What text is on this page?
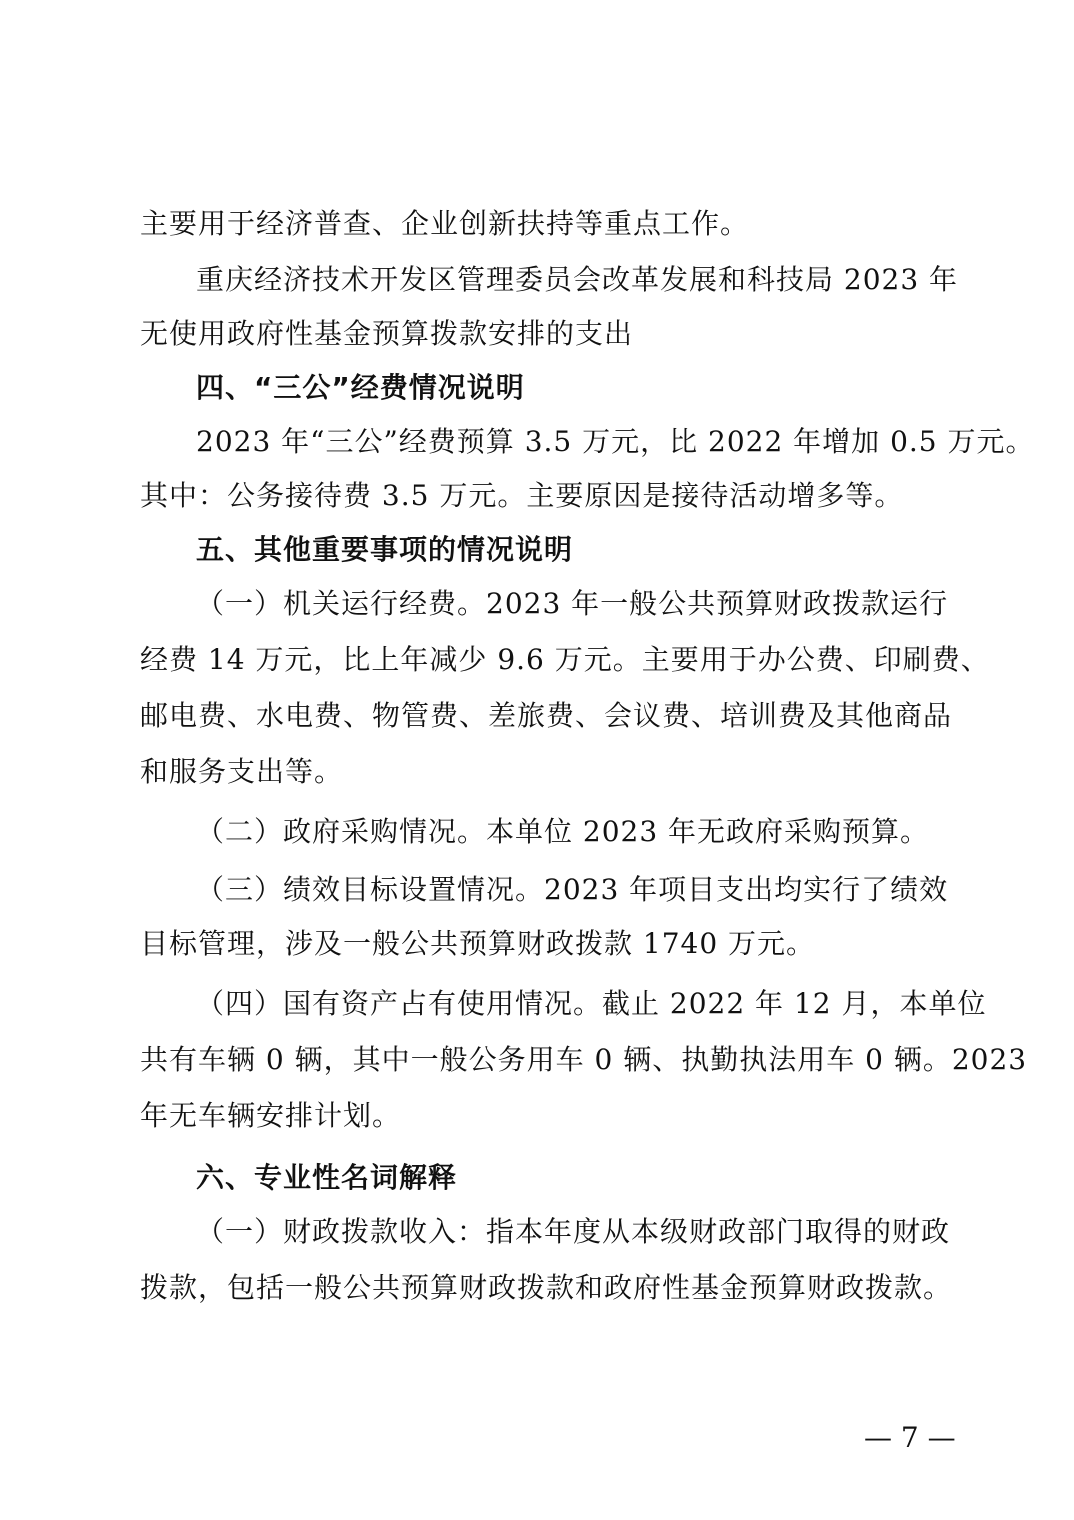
主要用于经济普查、企业创新扶持等重点工作。
重庆经济技术开发区管理委员会改革发展和科技局 2023 年
无使用政府性基金预算拨款安排的支出
四、“三公”经费情况说明
2023 年“三公”经费预算 3.5 万元，比 2022 年增加 0.5 万元。
其中：公务接待费 3.5 万元。主要原因是接待活动增多等。
五、其他重要事项的情况说明
（一）机关运行经费。2023 年一般公共预算财政拨款运行
经费 14 万元，比上年减少 9.6 万元。主要用于办公费、印刷费、
邮电费、水电费、物管费、差旅费、会议费、培训费及其他商品
和服务支出等。
（二）政府采购情况。本单位 2023 年无政府采购预算。
（三）绩效目标设置情况。2023 年项目支出均实行了绩效
目标管理，涉及一般公共预算财政拨款 1740 万元。
（四）国有资产占有使用情况。截止 2022 年 12 月，本单位
共有车辆 0 辆，其中一般公务用车 0 辆、执勤执法用车 0 辆。2023
年无车辆安排计划。
六、专业性名词解释
（一）财政拨款收入：指本年度从本级财政部门取得的财政
拨款，包括一般公共预算财政拨款和政府性基金预算财政拨款。
— 7 —
